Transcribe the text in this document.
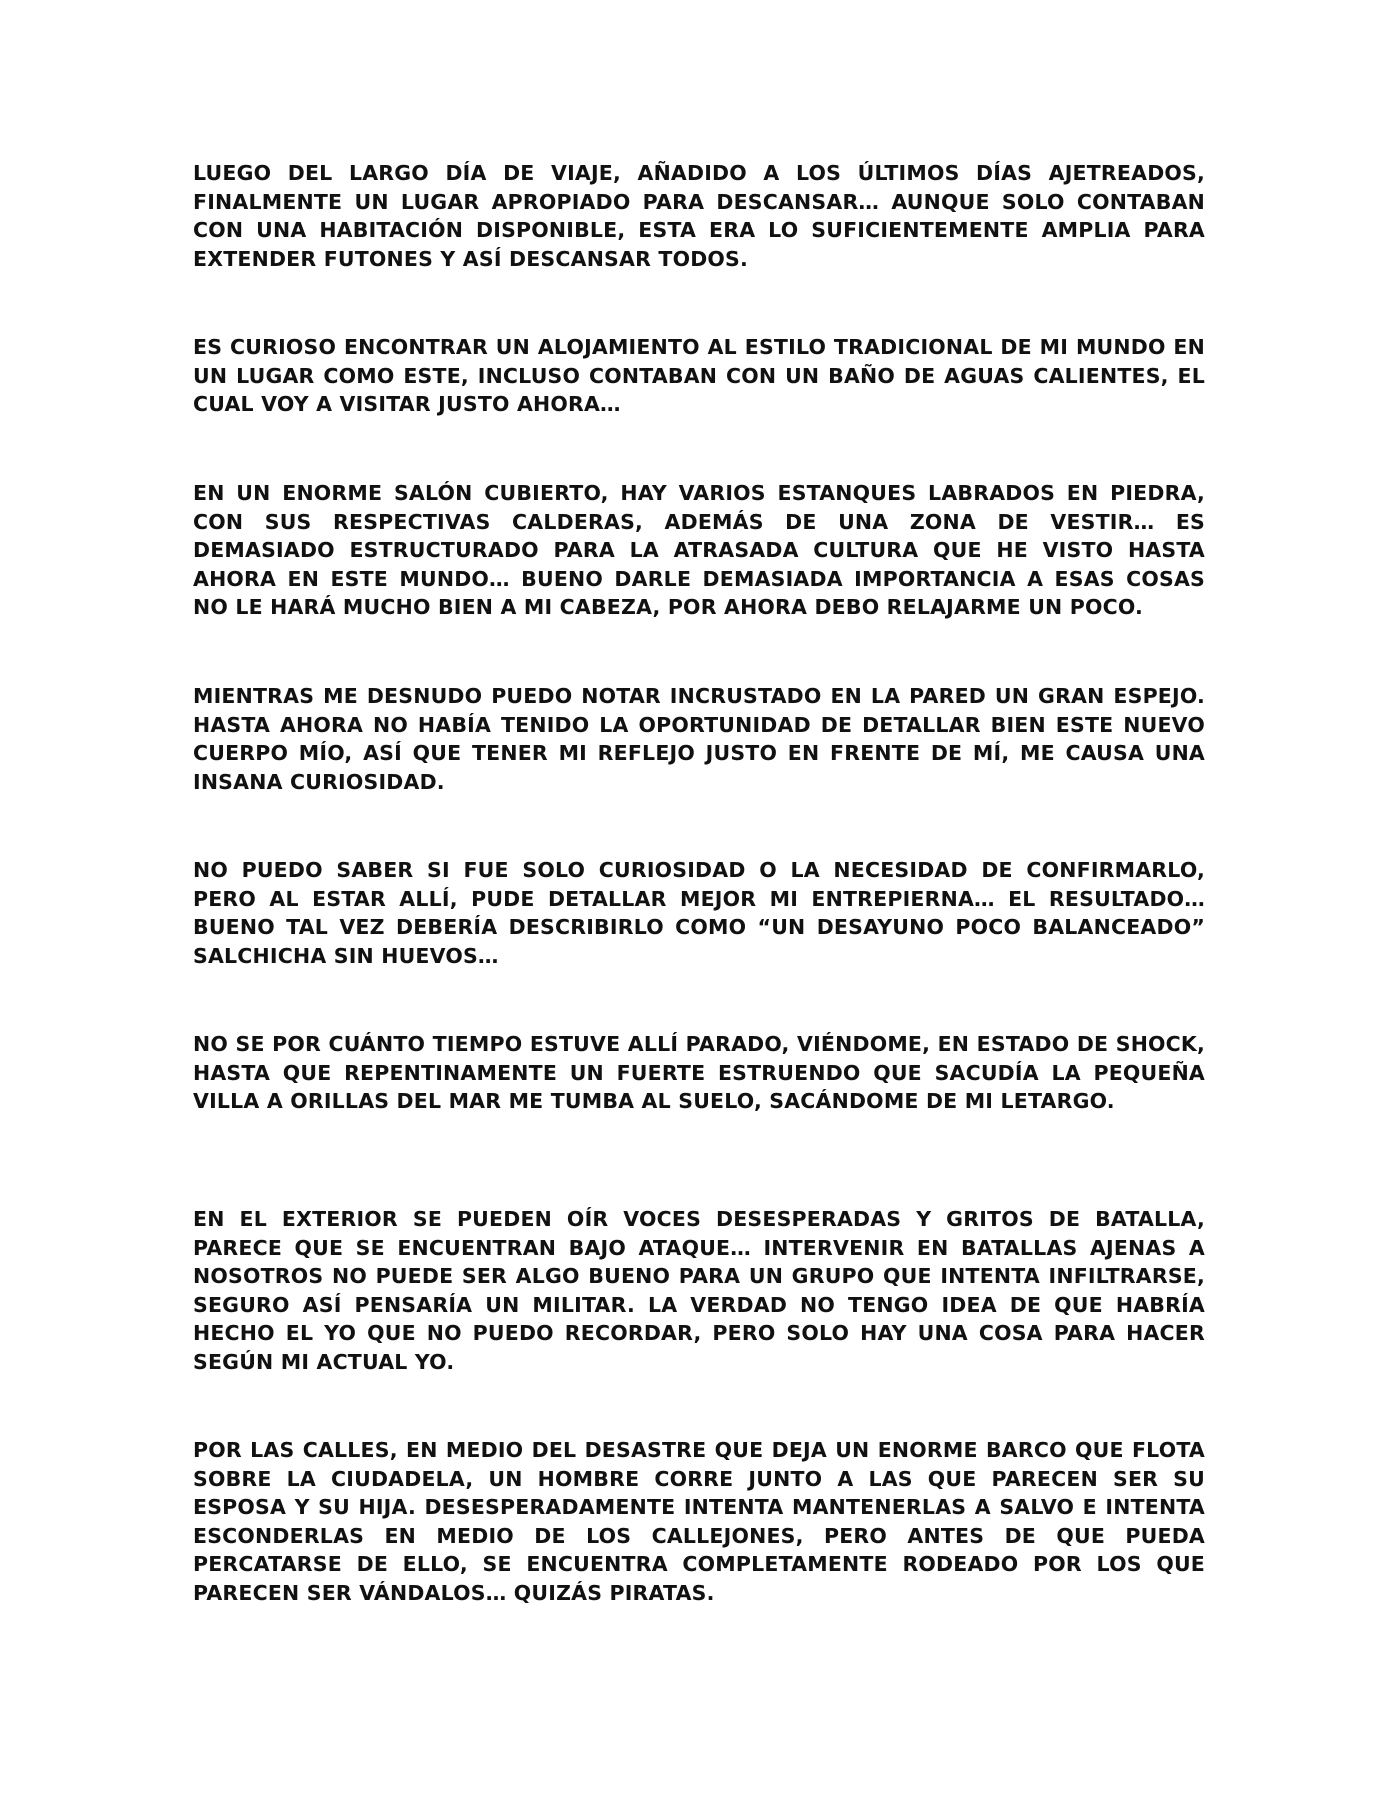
LUEGO DEL LARGO DÍA DE VIAJE, AÑADIDO A LOS ÚLTIMOS DÍAS AJETREADOS, FINALMENTE UN LUGAR APROPIADO PARA DESCANSAR… AUNQUE SOLO CONTABAN CON UNA HABITACIÓN DISPONIBLE, ESTA ERA LO SUFICIENTEMENTE AMPLIA PARA EXTENDER FUTONES Y ASÍ DESCANSAR TODOS.

ES CURIOSO ENCONTRAR UN ALOJAMIENTO AL ESTILO TRADICIONAL DE MI MUNDO EN UN LUGAR COMO ESTE, INCLUSO CONTABAN CON UN BAÑO DE AGUAS CALIENTES, EL CUAL VOY A VISITAR JUSTO AHORA…

EN UN ENORME SALÓN CUBIERTO, HAY VARIOS ESTANQUES LABRADOS EN PIEDRA, CON SUS RESPECTIVAS CALDERAS, ADEMÁS DE UNA ZONA DE VESTIR… ES DEMASIADO ESTRUCTURADO PARA LA ATRASADA CULTURA QUE HE VISTO HASTA AHORA EN ESTE MUNDO… BUENO DARLE DEMASIADA IMPORTANCIA A ESAS COSAS NO LE HARÁ MUCHO BIEN A MI CABEZA, POR AHORA DEBO RELAJARME UN POCO.

MIENTRAS ME DESNUDO PUEDO NOTAR INCRUSTADO EN LA PARED UN GRAN ESPEJO. HASTA AHORA NO HABÍA TENIDO LA OPORTUNIDAD DE DETALLAR BIEN ESTE NUEVO CUERPO MÍO, ASÍ QUE TENER MI REFLEJO JUSTO EN FRENTE DE MÍ, ME CAUSA UNA INSANA CURIOSIDAD.

NO PUEDO SABER SI FUE SOLO CURIOSIDAD O LA NECESIDAD DE CONFIRMARLO, PERO AL ESTAR ALLÍ, PUDE DETALLAR MEJOR MI ENTREPIERNA… EL RESULTADO… BUENO TAL VEZ DEBERÍA DESCRIBIRLO COMO “UN DESAYUNO POCO BALANCEADO” SALCHICHA SIN HUEVOS…

NO SE POR CUÁNTO TIEMPO ESTUVE ALLÍ PARADO, VIÉNDOME, EN ESTADO DE SHOCK, HASTA QUE REPENTINAMENTE UN FUERTE ESTRUENDO QUE SACUDÍA LA PEQUEÑA VILLA A ORILLAS DEL MAR ME TUMBA AL SUELO, SACÁNDOME DE MI LETARGO.

EN EL EXTERIOR SE PUEDEN OÍR VOCES DESESPERADAS Y GRITOS DE BATALLA, PARECE QUE SE ENCUENTRAN BAJO ATAQUE… INTERVENIR EN BATALLAS AJENAS A NOSOTROS NO PUEDE SER ALGO BUENO PARA UN GRUPO QUE INTENTA INFILTRARSE, SEGURO ASÍ PENSARÍA UN MILITAR. LA VERDAD NO TENGO IDEA DE QUE HABRÍA HECHO EL YO QUE NO PUEDO RECORDAR, PERO SOLO HAY UNA COSA PARA HACER SEGÚN MI ACTUAL YO.

POR LAS CALLES, EN MEDIO DEL DESASTRE QUE DEJA UN ENORME BARCO QUE FLOTA SOBRE LA CIUDADELA, UN HOMBRE CORRE JUNTO A LAS QUE PARECEN SER SU ESPOSA Y SU HIJA. DESESPERADAMENTE INTENTA MANTENERLAS A SALVO E INTENTA ESCONDERLAS EN MEDIO DE LOS CALLEJONES, PERO ANTES DE QUE PUEDA PERCATARSE DE ELLO, SE ENCUENTRA COMPLETAMENTE RODEADO POR LOS QUE PARECEN SER VÁNDALOS… QUIZÁS PIRATAS.
